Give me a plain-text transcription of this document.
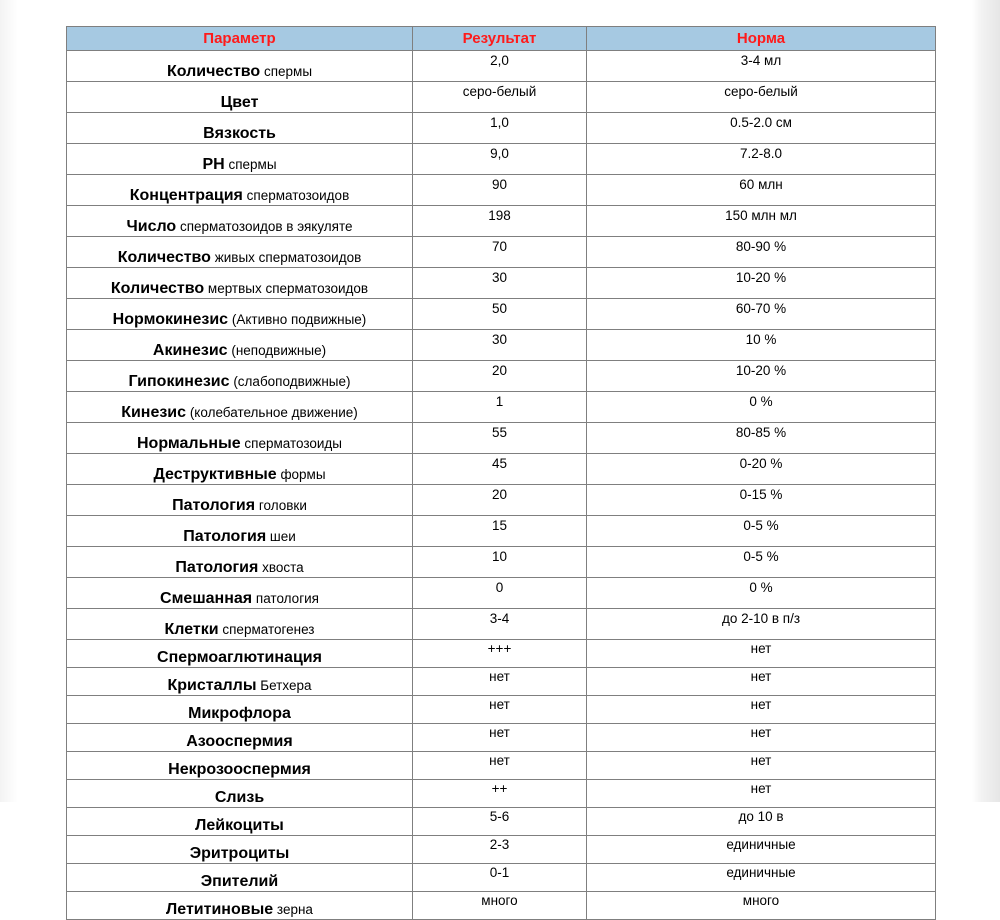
Параметр	Результат	Норма
Количество спермы	2,0	3-4 мл
Цвет	серо-белый	серо-белый
Вязкость	1,0	0.5-2.0 см
PH спермы	9,0	7.2-8.0
Концентрация сперматозоидов	90	60 млн
Число сперматозоидов в эякуляте	198	150 млн мл
Количество живых сперматозоидов	70	80-90 %
Количество мертвых сперматозоидов	30	10-20 %
Нормокинезис (Активно подвижные)	50	60-70 %
Акинезис (неподвижные)	30	10 %
Гипокинезис (слабоподвижные)	20	10-20 %
Кинезис (колебательное движение)	1	0 %
Нормальные сперматозоиды	55	80-85 %
Деструктивные формы	45	0-20 %
Патология головки	20	0-15 %
Патология шеи	15	0-5 %
Патология хвоста	10	0-5 %
Смешанная патология	0	0 %
Клетки сперматогенез	3-4	до 2-10 в п/з
Спермоаглютинация	+++	нет
Кристаллы Бетхера	нет	нет
Микрофлора	нет	нет
Азооспермия	нет	нет
Некрозооспермия	нет	нет
Слизь	++	нет
Лейкоциты	5-6	до 10 в
Эритроциты	2-3	единичные
Эпителий	0-1	единичные
Летитиновые зерна	много	много
